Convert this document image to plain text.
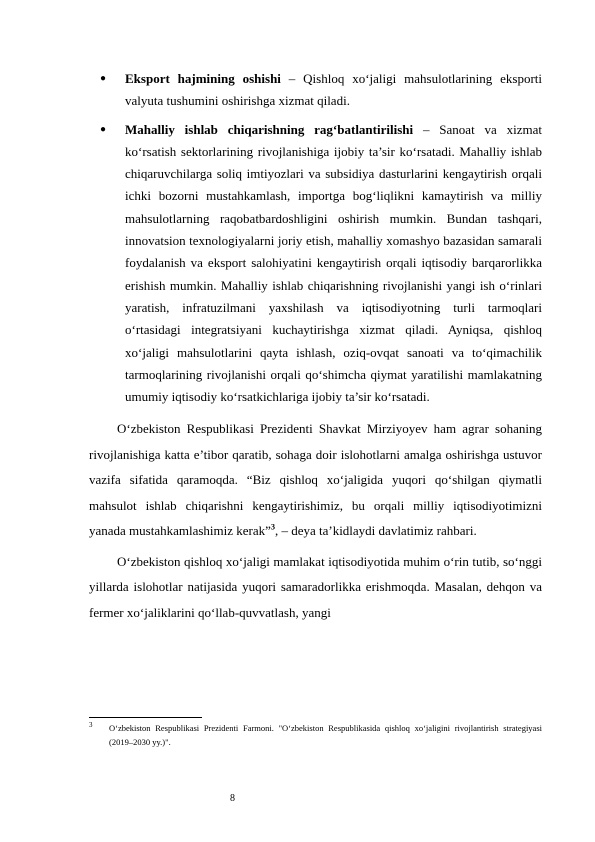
● Eksport hajmining oshishi – Qishloq xo‘jaligi mahsulotlarining eksporti valyuta tushumini oshirishga xizmat qiladi.
● Mahalliy ishlab chiqarishning rag‘batlantirilishi – Sanoat va xizmat ko‘rsatish sektorlarining rivojlanishiga ijobiy ta’sir ko‘rsatadi. Mahalliy ishlab chiqaruvchilarga soliq imtiyozlari va subsidiya dasturlarini kengaytirish orqali ichki bozorni mustahkamlash, importga bog‘liqlikni kamaytirish va milliy mahsulotlarning raqobatbardoshligini oshirish mumkin. Bundan tashqari, innovatsion texnologiyalarni joriy etish, mahalliy xomashyo bazasidan samarali foydalanish va eksport salohiyatini kengaytirish orqali iqtisodiy barqarorlikka erishish mumkin. Mahalliy ishlab chiqarishning rivojlanishi yangi ish o‘rinlari yaratish, infratuzilmani yaxshilash va iqtisodiyotning turli tarmoqlari o‘rtasidagi integratsiyani kuchaytirishga xizmat qiladi. Ayniqsa, qishloq xo‘jaligi mahsulotlarini qayta ishlash, oziq-ovqat sanoati va to‘qimachilik tarmoqlarining rivojlanishi orqali qo‘shimcha qiymat yaratilishi mamlakatning umumiy iqtisodiy ko‘rsatkichlariga ijobiy ta’sir ko‘rsatadi.

O‘zbekiston Respublikasi Prezidenti Shavkat Mirziyoyev ham agrar sohaning rivojlanishiga katta e’tibor qaratib, sohaga doir islohotlarni amalga oshirishga ustuvor vazifa sifatida qaramoqda. “Biz qishloq xo‘jaligida yuqori qo‘shilgan qiymatli mahsulot ishlab chiqarishni kengaytirishimiz, bu orqali milliy iqtisodiyotimizni yanada mustahkamlashimiz kerak”$^3$, – deya ta’kidlaydi davlatimiz rahbari.

O‘zbekiston qishloq xo‘jaligi mamlakat iqtisodiyotida muhim o‘rin tutib, so‘nggi yillarda islohotlar natijasida yuqori samaradorlikka erishmoqda. Masalan, dehqon va fermer xo‘jaliklarini qo‘llab-quvvatlash, yangi

3 O‘zbekiston Respublikasi Prezidenti Farmoni. "O‘zbekiston Respublikasida qishloq xo‘jaligini rivojlantirish strategiyasi (2019–2030 yy.)".
8
